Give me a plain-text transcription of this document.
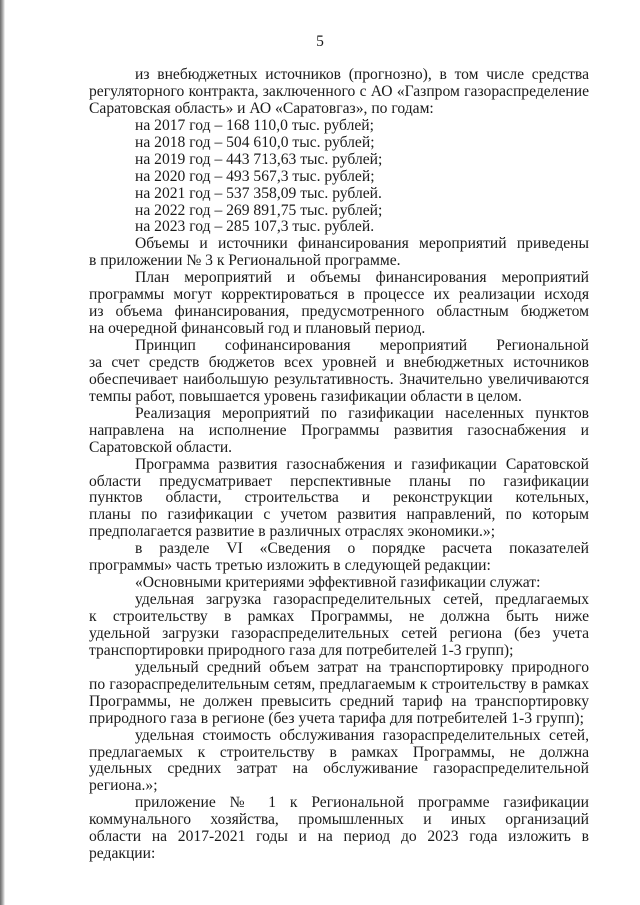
5
из внебюджетных источников (прогнозно), в том числе средства
регуляторного контракта, заключенного с АО «Газпром газораспределение
Саратовская область» и АО «Саратовгаз», по годам:
на 2017 год – 168 110,0 тыс. рублей;
на 2018 год – 504 610,0 тыс. рублей;
на 2019 год – 443 713,63 тыс. рублей;
на 2020 год – 493 567,3 тыс. рублей;
на 2021 год – 537 358,09 тыс. рублей.
на 2022 год – 269 891,75 тыс. рублей;
на 2023 год – 285 107,3 тыс. рублей.
Объемы и источники финансирования мероприятий приведены
в приложении № 3 к Региональной программе.
План мероприятий и объемы финансирования мероприятий
программы могут корректироваться в процессе их реализации исходя
из объема финансирования, предусмотренного областным бюджетом
на очередной финансовый год и плановый период.
Принцип софинансирования мероприятий Региональной
за счет средств бюджетов всех уровней и внебюджетных источников
обеспечивает наибольшую результативность. Значительно увеличиваются
темпы работ, повышается уровень газификации области в целом.
Реализация мероприятий по газификации населенных пунктов
направлена на исполнение Программы развития газоснабжения и
Саратовской области.
Программа развития газоснабжения и газификации Саратовской
области предусматривает перспективные планы по газификации
пунктов области, строительства и реконструкции котельных,
планы по газификации с учетом развития направлений, по которым
предполагается развитие в различных отраслях экономики.»;
в разделе VI «Сведения о порядке расчета показателей
программы» часть третью изложить в следующей редакции:
«Основными критериями эффективной газификации служат:
удельная загрузка газораспределительных сетей, предлагаемых
к строительству в рамках Программы, не должна быть ниже
удельной загрузки газораспределительных сетей региона (без учета
транспортировки природного газа для потребителей 1-3 групп);
удельный средний объем затрат на транспортировку природного
по газораспределительным сетям, предлагаемым к строительству в рамках
Программы, не должен превысить средний тариф на транспортировку
природного газа в регионе (без учета тарифа для потребителей 1-3 групп);
удельная стоимость обслуживания газораспределительных сетей,
предлагаемых к строительству в рамках Программы, не должна
удельных средних затрат на обслуживание газораспределительной
региона.»;
приложение № 1 к Региональной программе газификации
коммунального хозяйства, промышленных и иных организаций
области на 2017-2021 годы и на период до 2023 года изложить в
редакции:
